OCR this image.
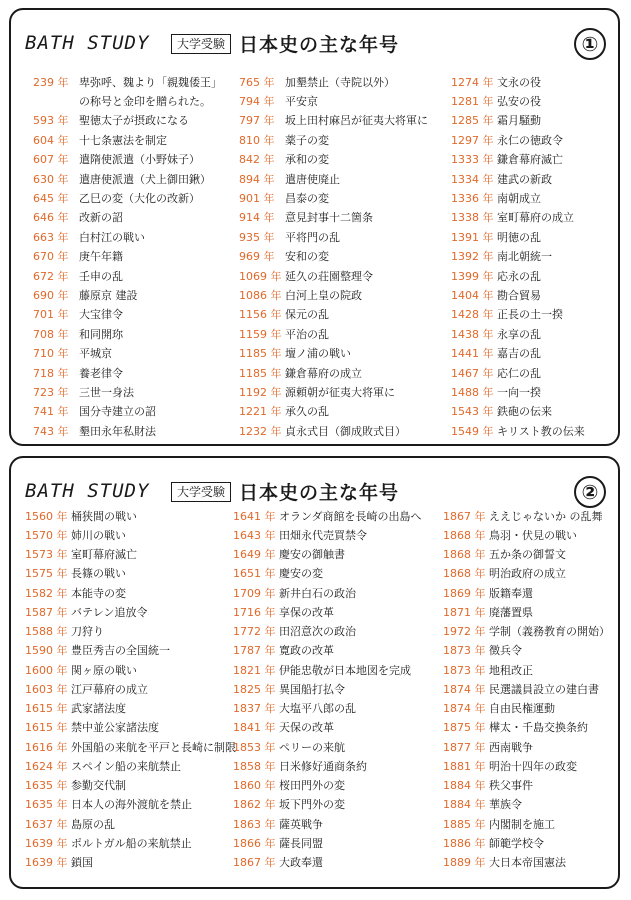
BATH STUDY	大学受験 日本史の主な年号	①
239 年 卑弥呼、魏より「親魏倭王」
の称号と金印を贈られた。
593 年 聖徳太子が摂政になる
604 年 十七条憲法を制定
607 年 遣隋使派遣（小野妹子）
630 年 遣唐使派遣（犬上御田鍬）
645 年 乙巳の変（大化の改新）
646 年 改新の詔
663 年 白村江の戦い
670 年 庚午年籍
672 年 壬申の乱
690 年 藤原京 建設
701 年 大宝律令
708 年 和同開珎
710 年 平城京
718 年 養老律令
723 年 三世一身法
741 年 国分寺建立の詔
743 年 墾田永年私財法
765 年 加墾禁止（寺院以外）
794 年 平安京
797 年 坂上田村麻呂が征夷大将軍に
810 年 薬子の変
842 年 承和の変
894 年 遣唐使廃止
901 年 昌泰の変
914 年 意見封事十二箇条
935 年 平将門の乱
969 年 安和の変
1069 年 延久の荘園整理令
1086 年 白河上皇の院政
1156 年 保元の乱
1159 年 平治の乱
1185 年 壇ノ浦の戦い
1185 年 鎌倉幕府の成立
1192 年 源頼朝が征夷大将軍に
1221 年 承久の乱
1232 年 貞永式目（御成敗式目）
1274 年 文永の役
1281 年 弘安の役
1285 年 霜月騒動
1297 年 永仁の徳政令
1333 年 鎌倉幕府滅亡
1334 年 建武の新政
1336 年 南朝成立
1338 年 室町幕府の成立
1391 年 明徳の乱
1392 年 南北朝統一
1399 年 応永の乱
1404 年 勘合貿易
1428 年 正長の土一揆
1438 年 永享の乱
1441 年 嘉吉の乱
1467 年 応仁の乱
1488 年 一向一揆
1543 年 鉄砲の伝来
1549 年 キリスト教の伝来
BATH STUDY	大学受験 日本史の主な年号	②
1560 年 桶狭間の戦い
1570 年 姉川の戦い
1573 年 室町幕府滅亡
1575 年 長篠の戦い
1582 年 本能寺の変
1587 年 バテレン追放令
1588 年 刀狩り
1590 年 豊臣秀吉の全国統一
1600 年 関ヶ原の戦い
1603 年 江戸幕府の成立
1615 年 武家諸法度
1615 年 禁中並公家諸法度
1616 年 外国船の来航を平戸と長崎に制限
1624 年 スペイン船の来航禁止
1635 年 参勤交代制
1635 年 日本人の海外渡航を禁止
1637 年 島原の乱
1639 年 ポルトガル船の来航禁止
1639 年 鎖国
1641 年 オランダ商館を長崎の出島へ
1643 年 田畑永代売買禁令
1649 年 慶安の御触書
1651 年 慶安の変
1709 年 新井白石の政治
1716 年 享保の改革
1772 年 田沼意次の政治
1787 年 寛政の改革
1821 年 伊能忠敬が日本地図を完成
1825 年 異国船打払令
1837 年 大塩平八郎の乱
1841 年 天保の改革
1853 年 ペリーの来航
1858 年 日米修好通商条約
1860 年 桜田門外の変
1862 年 坂下門外の変
1863 年 薩英戦争
1866 年 薩長同盟
1867 年 大政奉還
1867 年 ええじゃないか の乱舞
1868 年 鳥羽・伏見の戦い
1868 年 五か条の御誓文
1868 年 明治政府の成立
1869 年 版籍奉還
1871 年 廃藩置県
1972 年 学制（義務教育の開始）
1873 年 徴兵令
1873 年 地租改正
1874 年 民選議員設立の建白書
1874 年 自由民権運動
1875 年 樺太・千島交換条約
1877 年 西南戦争
1881 年 明治十四年の政変
1884 年 秩父事件
1884 年 華族令
1885 年 内閣制を施工
1886 年 師範学校令
1889 年 大日本帝国憲法
